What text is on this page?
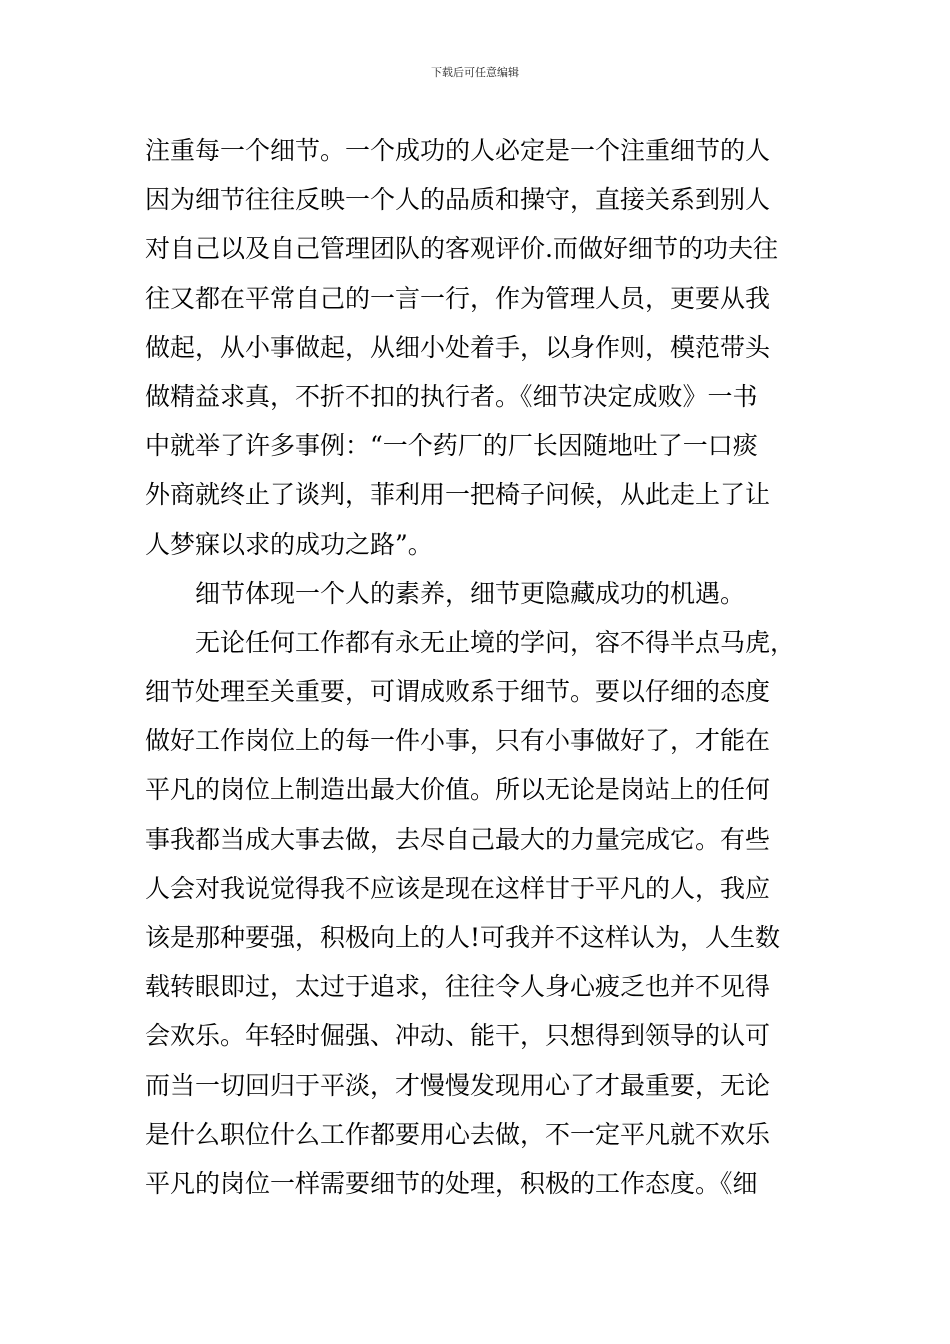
下载后可任意编辑
注重每一个细节。一个成功的人必定是一个注重细节的人
因为细节往往反映一个人的品质和操守，直接关系到别人
对自己以及自己管理团队的客观评价.而做好细节的功夫往
往又都在平常自己的一言一行，作为管理人员，更要从我
做起，从小事做起，从细小处着手，以身作则，模范带头
做精益求真，不折不扣的执行者。《细节决定成败》一书
中就举了许多事例：“一个药厂的厂长因随地吐了一口痰
外商就终止了谈判，菲利用一把椅子问候，从此走上了让
人梦寐以求的成功之路”。
细节体现一个人的素养，细节更隐藏成功的机遇。
无论任何工作都有永无止境的学问，容不得半点马虎，
细节处理至关重要，可谓成败系于细节。要以仔细的态度
做好工作岗位上的每一件小事，只有小事做好了，才能在
平凡的岗位上制造出最大价值。所以无论是岗站上的任何
事我都当成大事去做，去尽自己最大的力量完成它。有些
人会对我说觉得我不应该是现在这样甘于平凡的人，我应
该是那种要强，积极向上的人!可我并不这样认为，人生数
载转眼即过，太过于追求，往往令人身心疲乏也并不见得
会欢乐。年轻时倔强、冲动、能干，只想得到领导的认可
而当一切回归于平淡，才慢慢发现用心了才最重要，无论
是什么职位什么工作都要用心去做，不一定平凡就不欢乐
平凡的岗位一样需要细节的处理，积极的工作态度。《细
